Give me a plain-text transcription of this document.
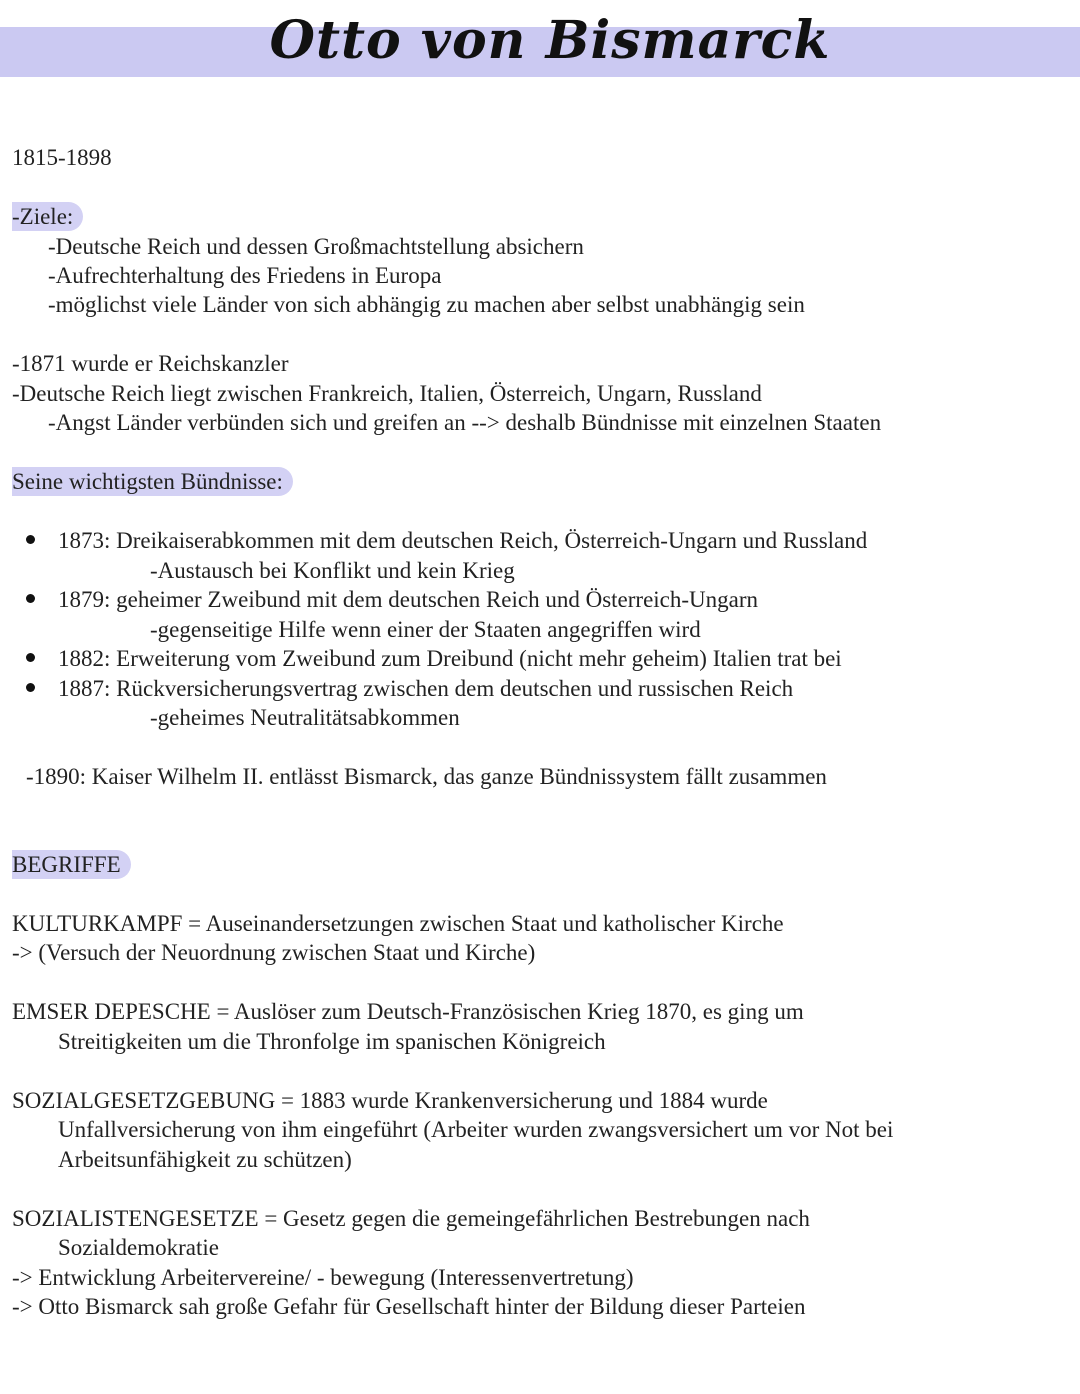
Otto von Bismarck
1815-1898
-Ziele:
-Deutsche Reich und dessen Großmachtstellung absichern
-Aufrechterhaltung des Friedens in Europa
-möglichst viele Länder von sich abhängig zu machen aber selbst unabhängig sein
-1871 wurde er Reichskanzler
-Deutsche Reich liegt zwischen Frankreich, Italien, Österreich, Ungarn, Russland
-Angst Länder verbünden sich und greifen an --> deshalb Bündnisse mit einzelnen Staaten
Seine wichtigsten Bündnisse:
1873: Dreikaiserabkommen mit dem deutschen Reich, Österreich-Ungarn und Russland
-Austausch bei Konflikt und kein Krieg
1879: geheimer Zweibund mit dem deutschen Reich und Österreich-Ungarn
-gegenseitige Hilfe wenn einer der Staaten angegriffen wird
1882: Erweiterung vom Zweibund zum Dreibund (nicht mehr geheim) Italien trat bei
1887: Rückversicherungsvertrag zwischen dem deutschen und russischen Reich
-geheimes Neutralitätsabkommen
-1890: Kaiser Wilhelm II. entlässt Bismarck, das ganze Bündnissystem fällt zusammen
BEGRIFFE
KULTURKAMPF = Auseinandersetzungen zwischen Staat und katholischer Kirche
-> (Versuch der Neuordnung zwischen Staat und Kirche)
EMSER DEPESCHE = Auslöser zum Deutsch-Französischen Krieg 1870, es ging um
Streitigkeiten um die Thronfolge im spanischen Königreich
SOZIALGESETZGEBUNG = 1883 wurde Krankenversicherung und 1884 wurde
Unfallversicherung von ihm eingeführt (Arbeiter wurden zwangsversichert um vor Not bei
Arbeitsunfähigkeit zu schützen)
SOZIALISTENGESETZE = Gesetz gegen die gemeingefährlichen Bestrebungen nach
Sozialdemokratie
-> Entwicklung Arbeitervereine/ - bewegung (Interessenvertretung)
-> Otto Bismarck sah große Gefahr für Gesellschaft hinter der Bildung dieser Parteien
